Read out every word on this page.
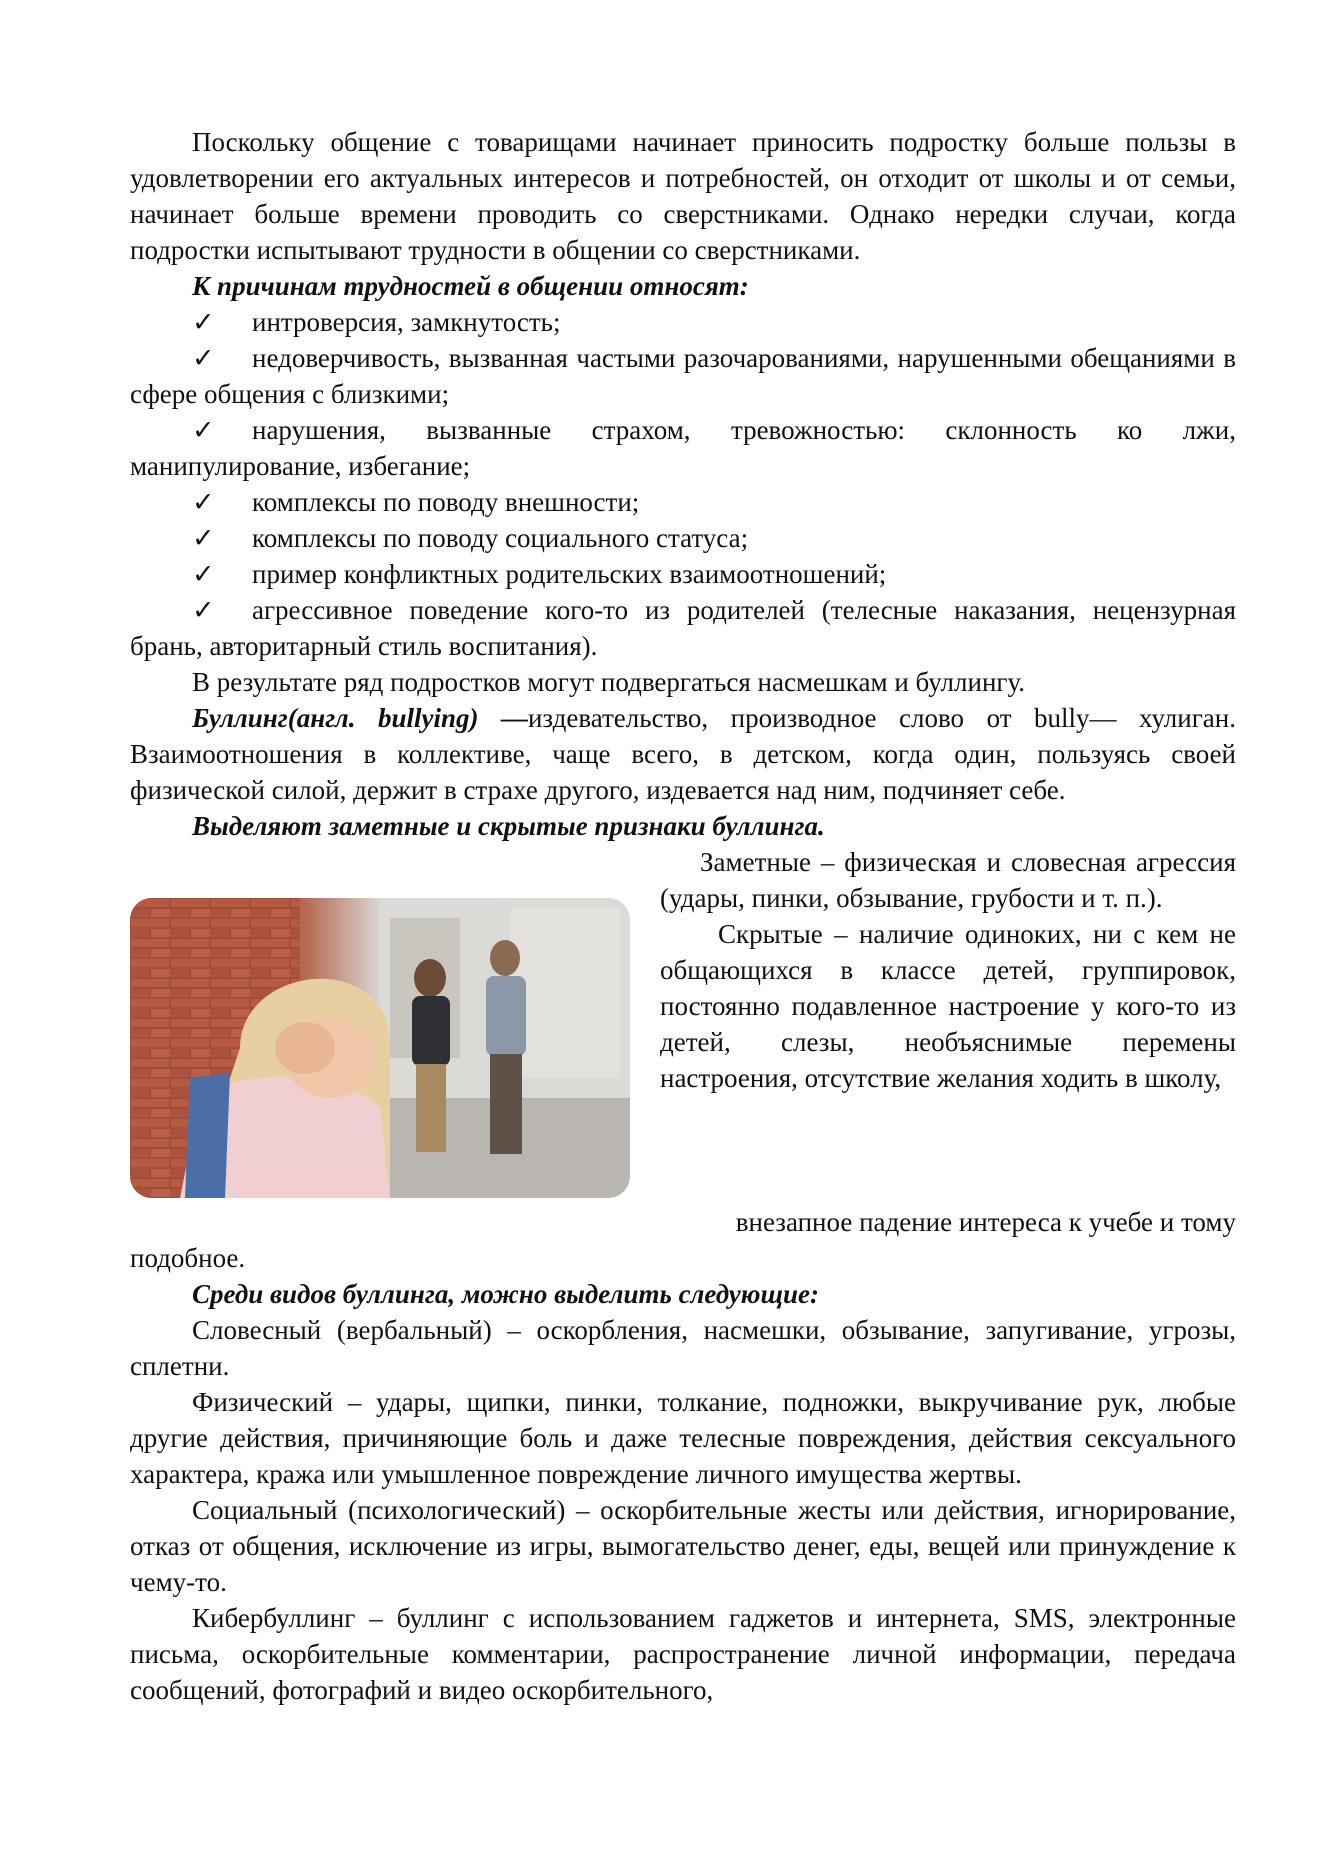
Поскольку общение с товарищами начинает приносить подростку больше пользы в удовлетворении его актуальных интересов и потребностей, он отходит от школы и от семьи, начинает больше времени проводить со сверстниками. Однако нередки случаи, когда подростки испытывают трудности в общении со сверстниками.

К причинам трудностей в общении относят:

✓ интроверсия, замкнутость;

✓ недоверчивость, вызванная частыми разочарованиями, нарушенными обещаниями в сфере общения с близкими;

✓ нарушения, вызванные страхом, тревожностью: склонность ко лжи, манипулирование, избегание;

✓ комплексы по поводу внешности;

✓ комплексы по поводу социального статуса;

✓ пример конфликтных родительских взаимоотношений;

✓ агрессивное поведение кого-то из родителей (телесные наказания, нецензурная брань, авторитарный стиль воспитания).

В результате ряд подростков могут подвергаться насмешкам и буллингу.

Буллинг(англ. bullying) —издевательство, производное слово от bully— хулиган. Взаимоотношения в коллективе, чаще всего, в детском, когда один, пользуясь своей физической силой, держит в страхе другого, издевается над ним, подчиняет себе.

Выделяют заметные и скрытые признаки буллинга.

Заметные – физическая и словесная агрессия (удары, пинки, обзывание, грубости и т. п.).

Скрытые – наличие одиноких, ни с кем не общающихся в классе детей, группировок, постоянно подавленное настроение у кого-то из детей, слезы, необъяснимые перемены настроения, отсутствие желания ходить в школу,

внезапное падение интереса к учебе и тому

подобное.

Среди видов буллинга, можно выделить следующие:

Словесный (вербальный) – оскорбления, насмешки, обзывание, запугивание, угрозы, сплетни.

Физический – удары, щипки, пинки, толкание, подножки, выкручивание рук, любые другие действия, причиняющие боль и даже телесные повреждения, действия сексуального характера, кража или умышленное повреждение личного имущества жертвы.

Социальный (психологический) – оскорбительные жесты или действия, игнорирование, отказ от общения, исключение из игры, вымогательство денег, еды, вещей или принуждение к чему-то.

Кибербуллинг – буллинг с использованием гаджетов и интернета, SMS, электронные письма, оскорбительные комментарии, распространение личной информации, передача сообщений, фотографий и видео оскорбительного,
